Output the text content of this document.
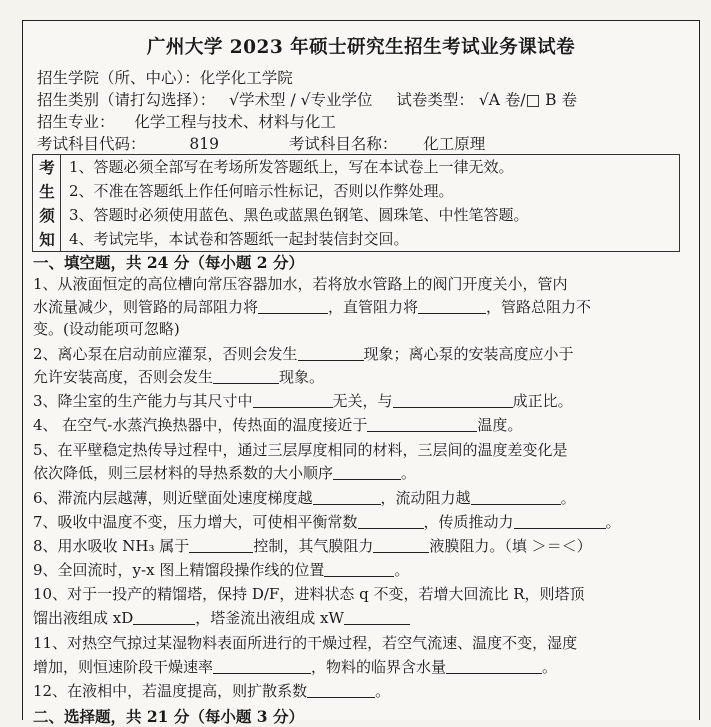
广州大学 2023 年硕士研究生招生考试业务课试卷
招生学院（所、中心）：化学化工学院
招生类别（请打勾选择）： √学术型 / √专业学位 试卷类型： √A 卷/□ B 卷
招生专业： 化学工程与技术、材料与化工
考试科目代码：	819	考试科目名称： 化工原理
考
生
须
知
1、答题必须全部写在考场所发答题纸上，写在本试卷上一律无效。
2、不准在答题纸上作任何暗示性标记，否则以作弊处理。
3、答题时必须使用蓝色、黑色或蓝黑色钢笔、圆珠笔、中性笔答题。
4、考试完毕，本试卷和答题纸一起封装信封交回。
一、填空题，共 24 分（每小题 2 分）
1、从液面恒定的高位槽向常压容器加水，若将放水管路上的阀门开度关小，管内
水流量减少，则管路的局部阻力将	，直管阻力将	，管路总阻力不
变。(设动能项可忽略)
2、离心泵在启动前应灌泵，否则会发生	现象；离心泵的安装高度应小于
允许安装高度，否则会发生	现象。
3、降尘室的生产能力与其尺寸中	无关，与	成正比。
4、 在空气-水蒸汽换热器中，传热面的温度接近于	温度。
5、在平壁稳定热传导过程中，通过三层厚度相同的材料，三层间的温度差变化是
依次降低，则三层材料的导热系数的大小顺序	。
6、滞流内层越薄，则近壁面处速度梯度越	，流动阻力越	。
7、吸收中温度不变，压力增大，可使相平衡常数	，传质推动力	。
8、用水吸收 NH₃ 属于	控制，其气膜阻力	液膜阻力。（填 ＞＝＜）
9、全回流时，y-x 图上精馏段操作线的位置	。
10、对于一投产的精馏塔，保持 D/F，进料状态 q 不变，若增大回流比 R，则塔顶
馏出液组成 xD	，塔釜流出液组成 xW
11、对热空气掠过某湿物料表面所进行的干燥过程，若空气流速、温度不变，湿度
增加，则恒速阶段干燥速率	，物料的临界含水量	。
12、在液相中，若温度提高，则扩散系数	。
二、选择题，共 21 分（每小题 3 分）
